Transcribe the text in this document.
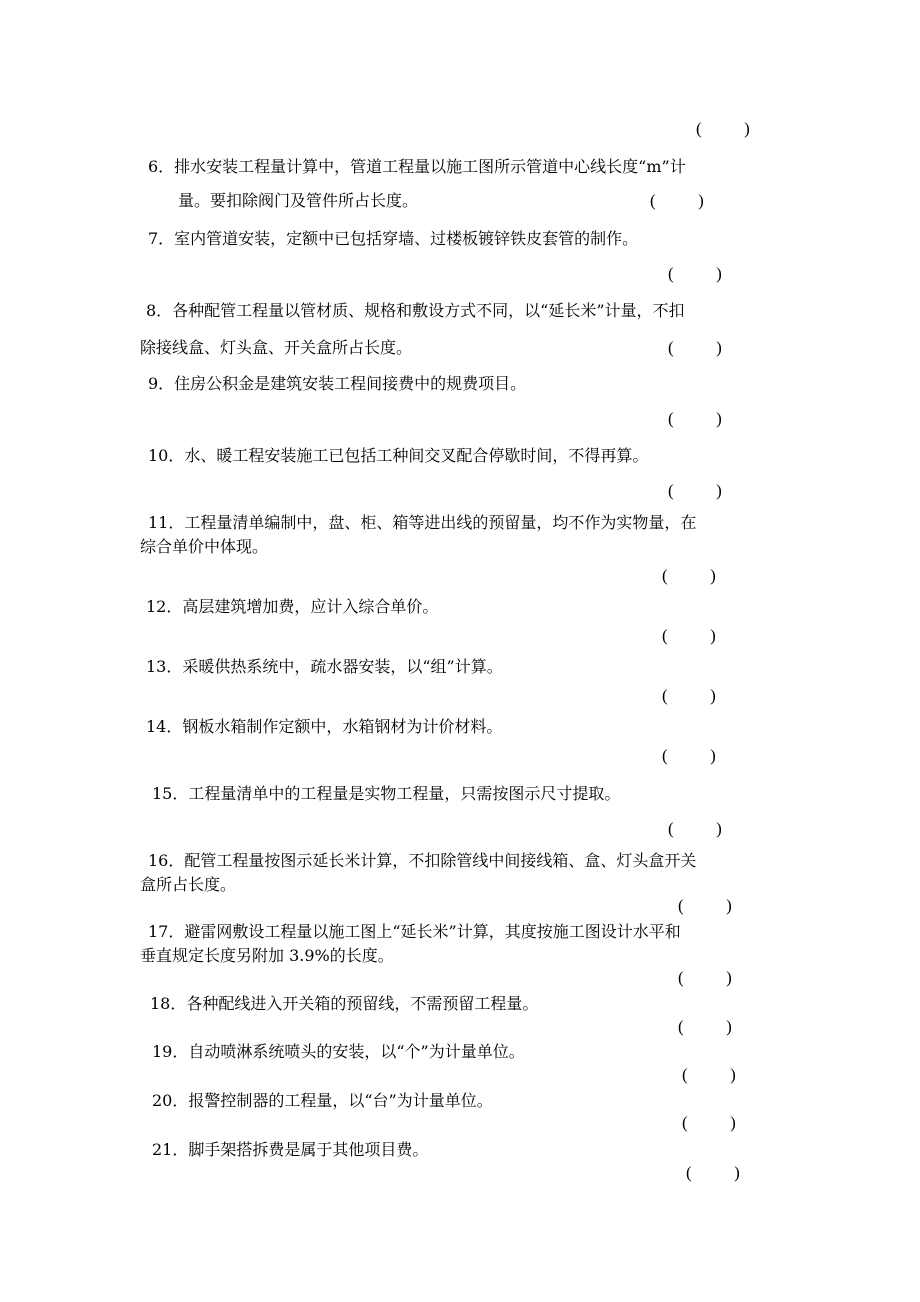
(          )
6．排水安装工程量计算中，管道工程量以施工图所示管道中心线长度“m”计
量。要扣除阀门及管件所占长度。	(          )
7．室内管道安装，定额中已包括穿墙、过楼板镀锌铁皮套管的制作。
(          )
8．各种配管工程量以管材质、规格和敷设方式不同，以“延长米”计量，不扣
除接线盒、灯头盒、开关盒所占长度。	(          )
9．住房公积金是建筑安装工程间接费中的规费项目。
(          )
10．水、暖工程安装施工已包括工种间交叉配合停歇时间，不得再算。
(          )
11．工程量清单编制中，盘、柜、箱等进出线的预留量，均不作为实物量，在
综合单价中体现。
(          )
12．高层建筑增加费，应计入综合单价。
(          )
13．采暖供热系统中，疏水器安装，以“组”计算。
(          )
14．钢板水箱制作定额中，水箱钢材为计价材料。
(          )
15．工程量清单中的工程量是实物工程量，只需按图示尺寸提取。
(          )
16．配管工程量按图示延长米计算，不扣除管线中间接线箱、盒、灯头盒开关
盒所占长度。
(          )
17．避雷网敷设工程量以施工图上“延长米”计算，其度按施工图设计水平和
垂直规定长度另附加 3.9%的长度。
(          )
18．各种配线进入开关箱的预留线，不需预留工程量。
(          )
19．自动喷淋系统喷头的安装，以“个”为计量单位。
(          )
20．报警控制器的工程量，以“台”为计量单位。
(          )
21．脚手架搭拆费是属于其他项目费。
(          )
